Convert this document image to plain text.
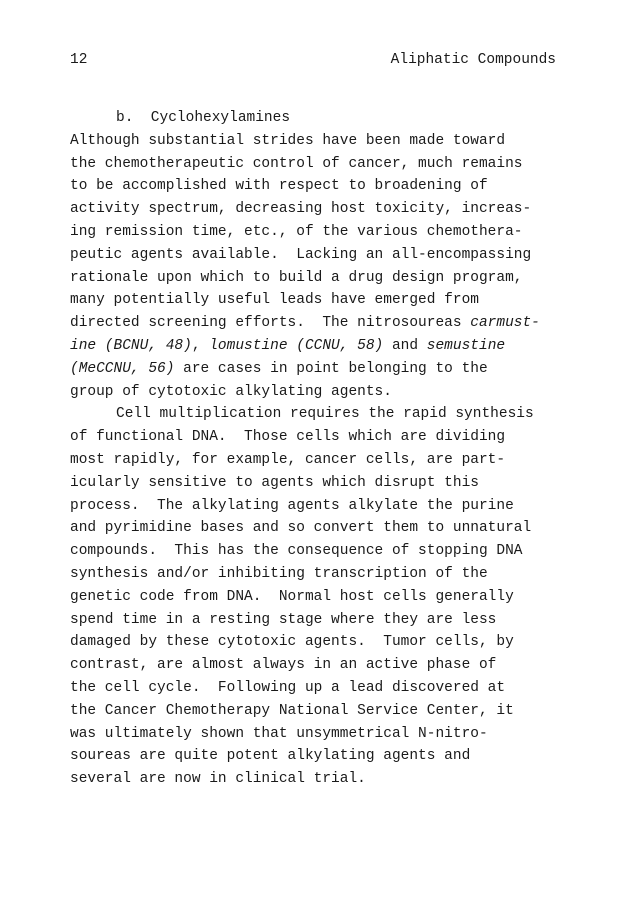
12	Aliphatic Compounds
b.  Cyclohexylamines
Although substantial strides have been made toward
the chemotherapeutic control of cancer, much remains
to be accomplished with respect to broadening of
activity spectrum, decreasing host toxicity, increas-
ing remission time, etc., of the various chemothera-
peutic agents available.  Lacking an all-encompassing
rationale upon which to build a drug design program,
many potentially useful leads have emerged from
directed screening efforts.  The nitrosoureas carmust-
ine (BCNU, 48), lomustine (CCNU, 58) and semustine
(MeCCNU, 56) are cases in point belonging to the
group of cytotoxic alkylating agents.
Cell multiplication requires the rapid synthesis
of functional DNA.  Those cells which are dividing
most rapidly, for example, cancer cells, are part-
icularly sensitive to agents which disrupt this
process.  The alkylating agents alkylate the purine
and pyrimidine bases and so convert them to unnatural
compounds.  This has the consequence of stopping DNA
synthesis and/or inhibiting transcription of the
genetic code from DNA.  Normal host cells generally
spend time in a resting stage where they are less
damaged by these cytotoxic agents.  Tumor cells, by
contrast, are almost always in an active phase of
the cell cycle.  Following up a lead discovered at
the Cancer Chemotherapy National Service Center, it
was ultimately shown that unsymmetrical N-nitro-
soureas are quite potent alkylating agents and
several are now in clinical trial.
